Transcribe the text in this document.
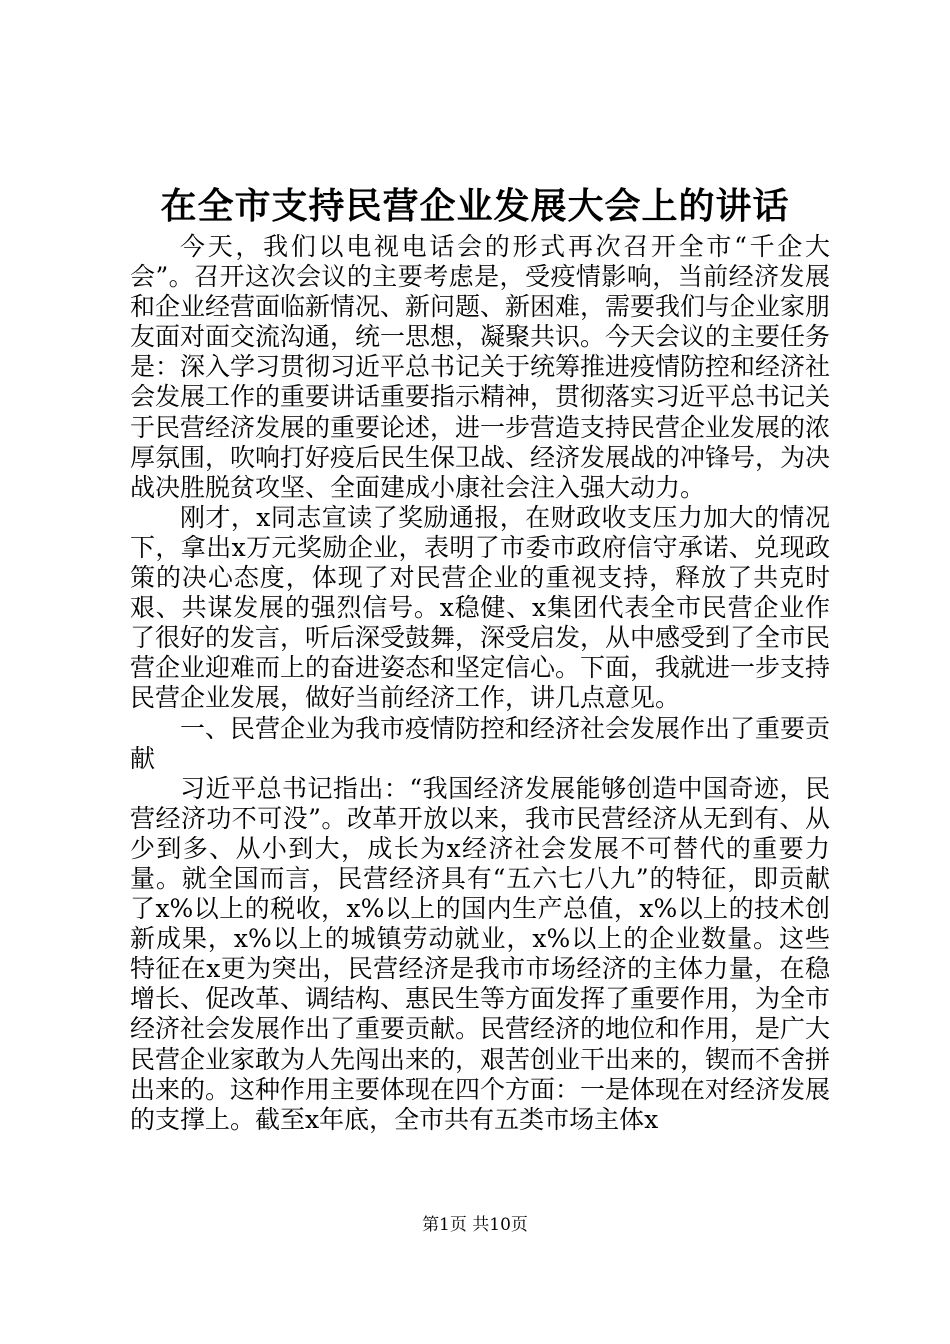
在全市支持民营企业发展大会上的讲话

今天，我们以电视电话会的形式再次召开全市“千企大会”。召开这次会议的主要考虑是，受疫情影响，当前经济发展和企业经营面临新情况、新问题、新困难，需要我们与企业家朋友面对面交流沟通，统一思想，凝聚共识。今天会议的主要任务是：深入学习贯彻习近平总书记关于统筹推进疫情防控和经济社会发展工作的重要讲话重要指示精神，贯彻落实习近平总书记关于民营经济发展的重要论述，进一步营造支持民营企业发展的浓厚氛围，吹响打好疫后民生保卫战、经济发展战的冲锋号，为决战决胜脱贫攻坚、全面建成小康社会注入强大动力。

刚才，x同志宣读了奖励通报，在财政收支压力加大的情况下，拿出x万元奖励企业，表明了市委市政府信守承诺、兑现政策的决心态度，体现了对民营企业的重视支持，释放了共克时艰、共谋发展的强烈信号。x稳健、x集团代表全市民营企业作了很好的发言，听后深受鼓舞，深受启发，从中感受到了全市民营企业迎难而上的奋进姿态和坚定信心。下面，我就进一步支持民营企业发展，做好当前经济工作，讲几点意见。

一、民营企业为我市疫情防控和经济社会发展作出了重要贡献

习近平总书记指出：“我国经济发展能够创造中国奇迹，民营经济功不可没”。改革开放以来，我市民营经济从无到有、从少到多、从小到大，成长为x经济社会发展不可替代的重要力量。就全国而言，民营经济具有“五六七八九”的特征，即贡献了x%以上的税收，x%以上的国内生产总值，x%以上的技术创新成果，x%以上的城镇劳动就业，x%以上的企业数量。这些特征在x更为突出，民营经济是我市市场经济的主体力量，在稳增长、促改革、调结构、惠民生等方面发挥了重要作用，为全市经济社会发展作出了重要贡献。民营经济的地位和作用，是广大民营企业家敢为人先闯出来的，艰苦创业干出来的，锲而不舍拼出来的。这种作用主要体现在四个方面：一是体现在对经济发展的支撑上。截至x年底，全市共有五类市场主体x

第1页 共10页
